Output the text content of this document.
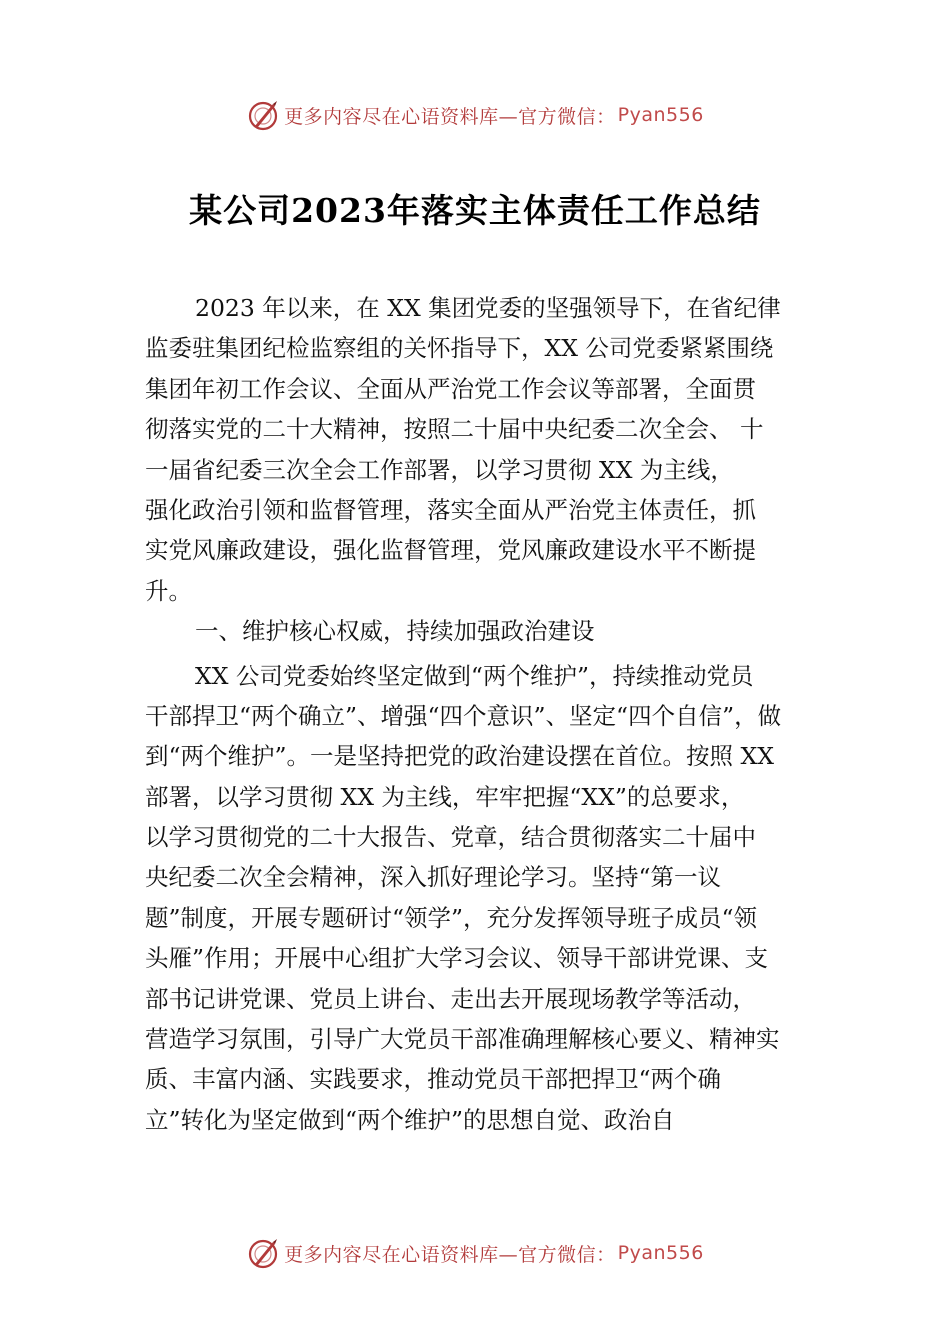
更多内容尽在心语资料库—官方微信： Pyan556
某公司2023年落实主体责任工作总结
2023 年以来，在 XX 集团党委的坚强领导下，在省纪律
监委驻集团纪检监察组的关怀指导下，XX 公司党委紧紧围绕
集团年初工作会议、全面从严治党工作会议等部署，全面贯
彻落实党的二十大精神，按照二十届中央纪委二次全会、 十
一届省纪委三次全会工作部署，以学习贯彻 XX 为主线，
强化政治引领和监督管理，落实全面从严治党主体责任，抓
实党风廉政建设，强化监督管理，党风廉政建设水平不断提
升。
一、维护核心权威，持续加强政治建设
XX 公司党委始终坚定做到“两个维护”，持续推动党员
干部捍卫“两个确立”、增强“四个意识”、坚定“四个自信”，做
到“两个维护”。一是坚持把党的政治建设摆在首位。按照 XX
部署，以学习贯彻 XX 为主线，牢牢把握“XX”的总要求，
以学习贯彻党的二十大报告、党章，结合贯彻落实二十届中
央纪委二次全会精神，深入抓好理论学习。坚持“第一议
题”制度，开展专题研讨“领学”，充分发挥领导班子成员“领
头雁”作用；开展中心组扩大学习会议、领导干部讲党课、支
部书记讲党课、党员上讲台、走出去开展现场教学等活动，
营造学习氛围，引导广大党员干部准确理解核心要义、精神实
质、丰富内涵、实践要求，推动党员干部把捍卫“两个确
立”转化为坚定做到“两个维护”的思想自觉、政治自
更多内容尽在心语资料库—官方微信： Pyan556
